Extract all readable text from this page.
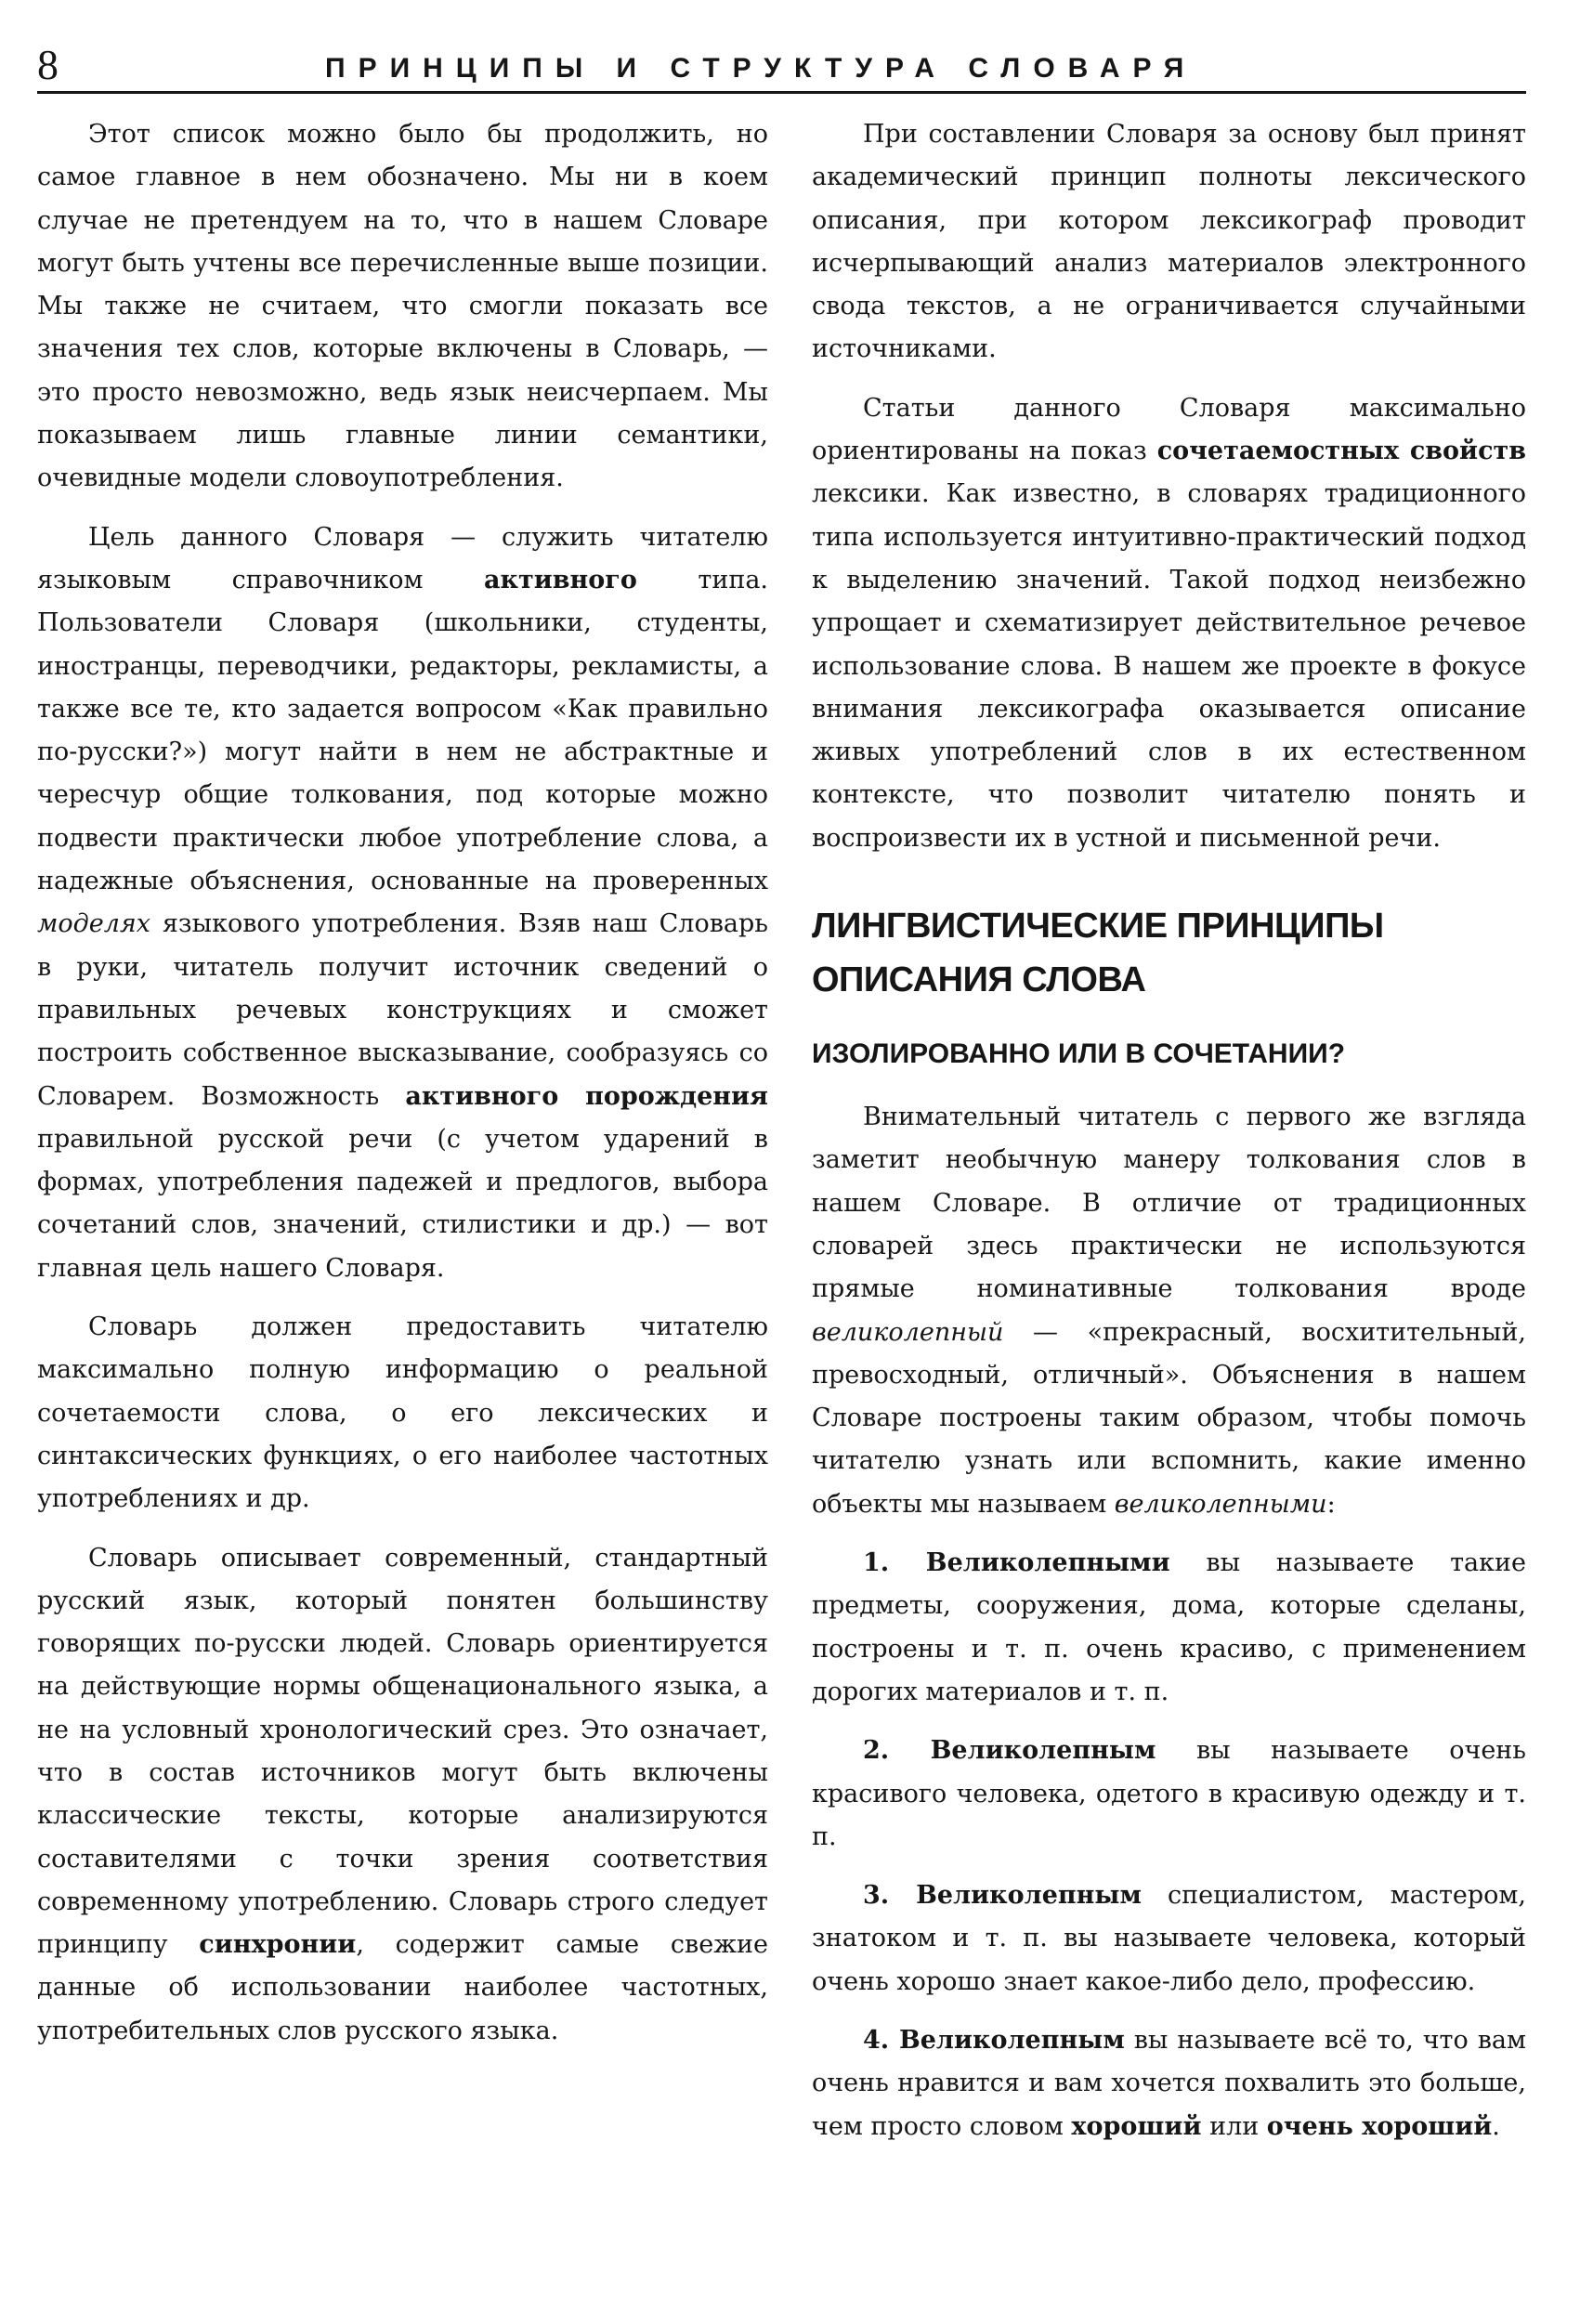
8	ПРИНЦИПЫ И СТРУКТУРА СЛОВАРЯ

Этот список можно было бы продолжить, но самое главное в нем обозначено. Мы ни в коем случае не претендуем на то, что в нашем Словаре могут быть учтены все перечисленные выше позиции. Мы также не считаем, что смогли показать все значения тех слов, которые включены в Словарь, — это просто невозможно, ведь язык неисчерпаем. Мы показываем лишь главные линии семантики, очевидные модели словоупотребления.

Цель данного Словаря — служить читателю языковым справочником активного типа. Пользователи Словаря (школьники, студенты, иностранцы, переводчики, редакторы, рекламисты, а также все те, кто задается вопросом «Как правильно по-русски?») могут найти в нем не абстрактные и чересчур общие толкования, под которые можно подвести практически любое употребление слова, а надежные объяснения, основанные на проверенных моделях языкового употребления. Взяв наш Словарь в руки, читатель получит источник сведений о правильных речевых конструкциях и сможет построить собственное высказывание, сообразуясь со Словарем. Возможность активного порождения правильной русской речи (с учетом ударений в формах, употребления падежей и предлогов, выбора сочетаний слов, значений, стилистики и др.) — вот главная цель нашего Словаря.

Словарь должен предоставить читателю максимально полную информацию о реальной сочетаемости слова, о его лексических и синтаксических функциях, о его наиболее частотных употреблениях и др.

Словарь описывает современный, стандартный русский язык, который понятен большинству говорящих по-русски людей. Словарь ориентируется на действующие нормы общенационального языка, а не на условный хронологический срез. Это означает, что в состав источников могут быть включены классические тексты, которые анализируются составителями с точки зрения соответствия современному употреблению. Словарь строго следует принципу синхронии, содержит самые свежие данные об использовании наиболее частотных, употребительных слов русского языка.

При составлении Словаря за основу был принят академический принцип полноты лексического описания, при котором лексикограф проводит исчерпывающий анализ материалов электронного свода текстов, а не ограничивается случайными источниками.

Статьи данного Словаря максимально ориентированы на показ сочетаемостных свойств лексики. Как известно, в словарях традиционного типа используется интуитивно-практический подход к выделению значений. Такой подход неизбежно упрощает и схематизирует действительное речевое использование слова. В нашем же проекте в фокусе внимания лексикографа оказывается описание живых употреблений слов в их естественном контексте, что позволит читателю понять и воспроизвести их в устной и письменной речи.

ЛИНГВИСТИЧЕСКИЕ ПРИНЦИПЫ ОПИСАНИЯ СЛОВА
ИЗОЛИРОВАННО ИЛИ В СОЧЕТАНИИ?

Внимательный читатель с первого же взгляда заметит необычную манеру толкования слов в нашем Словаре. В отличие от традиционных словарей здесь практически не используются прямые номинативные толкования вроде великолепный — «прекрасный, восхитительный, превосходный, отличный». Объяснения в нашем Словаре построены таким образом, чтобы помочь читателю узнать или вспомнить, какие именно объекты мы называем великолепными:

1. Великолепными вы называете такие предметы, сооружения, дома, которые сделаны, построены и т. п. очень красиво, с применением дорогих материалов и т. п.

2. Великолепным вы называете очень красивого человека, одетого в красивую одежду и т. п.

3. Великолепным специалистом, мастером, знатоком и т. п. вы называете человека, который очень хорошо знает какое-либо дело, профессию.

4. Великолепным вы называете всё то, что вам очень нравится и вам хочется похвалить это больше, чем просто словом хороший или очень хороший.
